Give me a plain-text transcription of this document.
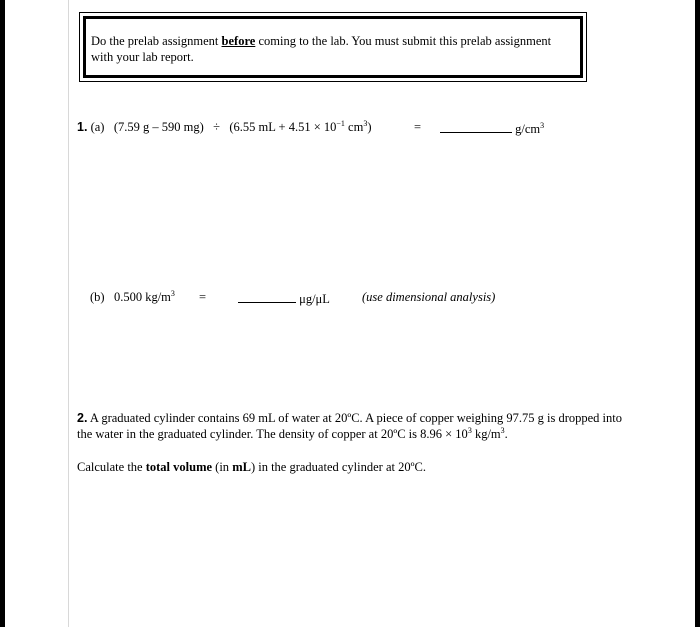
Do the prelab assignment before coming to the lab. You must submit this prelab assignment with your lab report.
1. (a) (7.59 g – 590 mg) ÷ (6.55 mL + $4.51 \times 10^{-1}$ $cm^3$)	=	$g/cm^3$
(b) 0.500 $kg/m^3$ =	μg/μL	(use dimensional analysis)
2. A graduated cylinder contains 69 mL of water at 20ºC. A piece of copper weighing 97.75 g is dropped into the water in the graduated cylinder. The density of copper at 20ºC is $8.96 \times 10^3$ $kg/m^3$.
Calculate the total volume (in mL) in the graduated cylinder at 20ºC.
